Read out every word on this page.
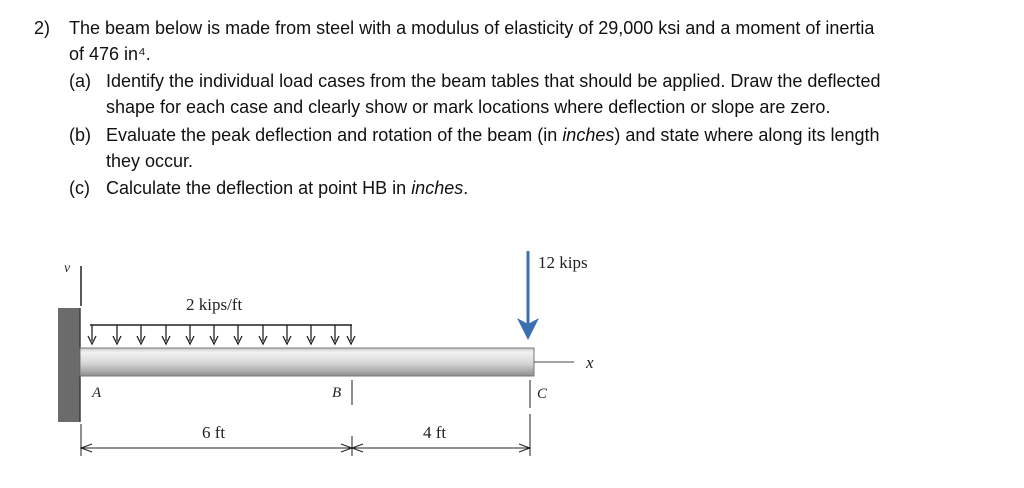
2) The beam below is made from steel with a modulus of elasticity of 29,000 ksi and a moment of inertia
of 476 in⁴.
(a) Identify the individual load cases from the beam tables that should be applied. Draw the deflected
shape for each case and clearly show or mark locations where deflection or slope are zero.
(b) Evaluate the peak deflection and rotation of the beam (in inches) and state where along its length
they occur.
(c) Calculate the deflection at point HB in inches.
v
2 kips/ft
12 kips
x
A	B	C
6 ft	4 ft
